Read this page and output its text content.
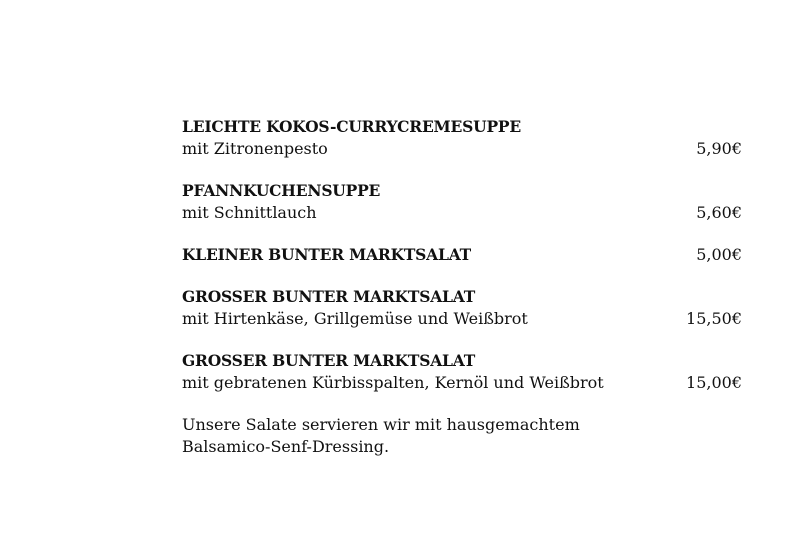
LEICHTE KOKOS-CURRYCREMESUPPE
mit Zitronenpesto	5,90€
PFANNKUCHENSUPPE
mit Schnittlauch	5,60€
KLEINER BUNTER MARKTSALAT	5,00€
GROSSER BUNTER MARKTSALAT
mit Hirtenkäse, Grillgemüse und Weißbrot	15,50€
GROSSER BUNTER MARKTSALAT
mit gebratenen Kürbisspalten, Kernöl und Weißbrot	15,00€
Unsere Salate servieren wir mit hausgemachtem
Balsamico-Senf-Dressing.
